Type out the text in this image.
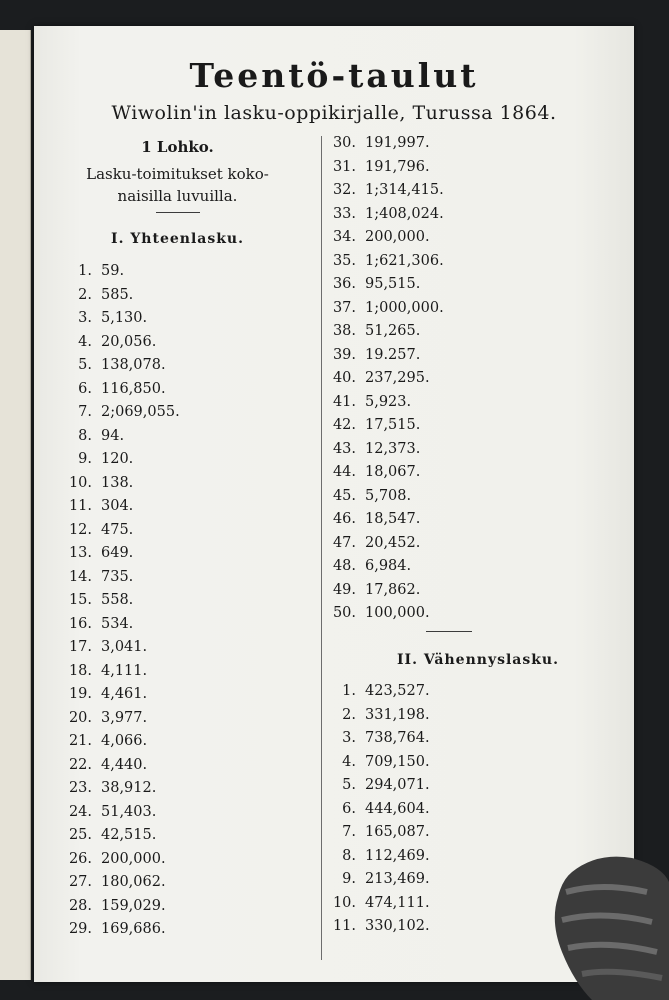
Teentö-taulut
Wiwolin'in lasku-oppikirjalle, Turussa 1864.
1 Lohko.
Lasku-toimitukset koko-
naisilla luvuilla.
I. Yhteenlasku.
1. 59.
2. 585.
3. 5,130.
4. 20,056.
5. 138,078.
6. 116,850.
7. 2;069,055.
8. 94.
9. 120.
10. 138.
11. 304.
12. 475.
13. 649.
14. 735.
15. 558.
16. 534.
17. 3,041.
18. 4,111.
19. 4,461.
20. 3,977.
21. 4,066.
22. 4,440.
23. 38,912.
24. 51,403.
25. 42,515.
26. 200,000.
27. 180,062.
28. 159,029.
29. 169,686.
30. 191,997.
31. 191,796.
32. 1;314,415.
33. 1;408,024.
34. 200,000.
35. 1;621,306.
36. 95,515.
37. 1;000,000.
38. 51,265.
39. 19.257.
40. 237,295.
41. 5,923.
42. 17,515.
43. 12,373.
44. 18,067.
45. 5,708.
46. 18,547.
47. 20,452.
48. 6,984.
49. 17,862.
50. 100,000.
II. Vähennyslasku.
1. 423,527.
2. 331,198.
3. 738,764.
4. 709,150.
5. 294,071.
6. 444,604.
7. 165,087.
8. 112,469.
9. 213,469.
10. 474,111.
11. 330,102.
